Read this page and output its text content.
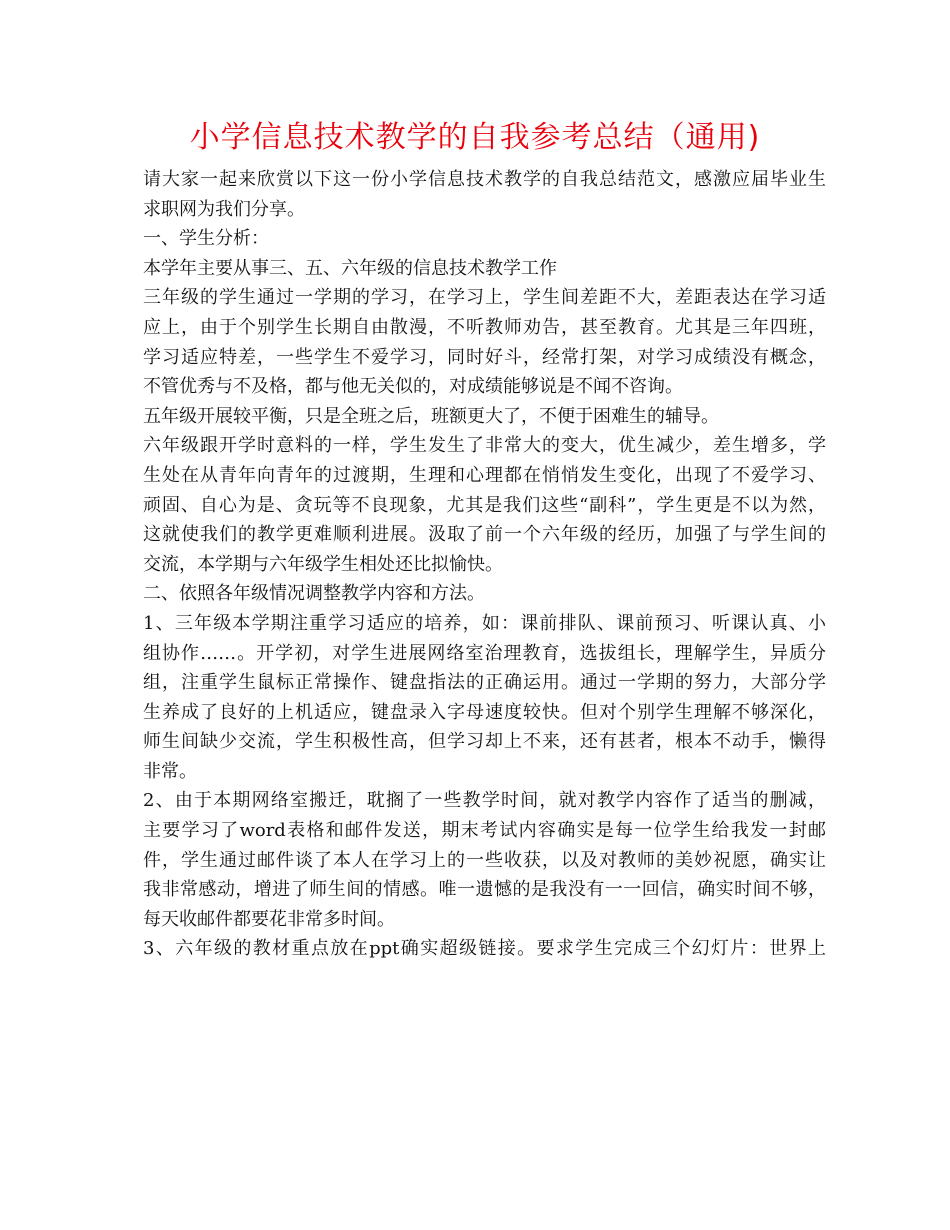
小学信息技术教学的自我参考总结（通用)
请大家一起来欣赏以下这一份小学信息技术教学的自我总结范文，感激应届毕业生
求职网为我们分享。
一、学生分析：
本学年主要从事三、五、六年级的信息技术教学工作
三年级的学生通过一学期的学习，在学习上，学生间差距不大，差距表达在学习适
应上，由于个别学生长期自由散漫，不听教师劝告，甚至教育。尤其是三年四班，
学习适应特差，一些学生不爱学习，同时好斗，经常打架，对学习成绩没有概念，
不管优秀与不及格，都与他无关似的，对成绩能够说是不闻不咨询。
五年级开展较平衡，只是全班之后，班额更大了，不便于困难生的辅导。
六年级跟开学时意料的一样，学生发生了非常大的变大，优生减少，差生增多，学
生处在从青年向青年的过渡期，生理和心理都在悄悄发生变化，出现了不爱学习、
顽固、自心为是、贪玩等不良现象，尤其是我们这些“副科”，学生更是不以为然，
这就使我们的教学更难顺利进展。汲取了前一个六年级的经历，加强了与学生间的
交流，本学期与六年级学生相处还比拟愉快。
二、依照各年级情况调整教学内容和方法。
1、三年级本学期注重学习适应的培养，如：课前排队、课前预习、听课认真、小
组协作……。开学初，对学生进展网络室治理教育，选拔组长，理解学生，异质分
组，注重学生鼠标正常操作、键盘指法的正确运用。通过一学期的努力，大部分学
生养成了良好的上机适应，键盘录入字母速度较快。但对个别学生理解不够深化，
师生间缺少交流，学生积极性高，但学习却上不来，还有甚者，根本不动手，懒得
非常。
2、由于本期网络室搬迁，耽搁了一些教学时间，就对教学内容作了适当的删减，
主要学习了word表格和邮件发送，期末考试内容确实是每一位学生给我发一封邮
件，学生通过邮件谈了本人在学习上的一些收获，以及对教师的美妙祝愿，确实让
我非常感动，增进了师生间的情感。唯一遗憾的是我没有一一回信，确实时间不够，
每天收邮件都要花非常多时间。
3、六年级的教材重点放在ppt确实超级链接。要求学生完成三个幻灯片：世界上
